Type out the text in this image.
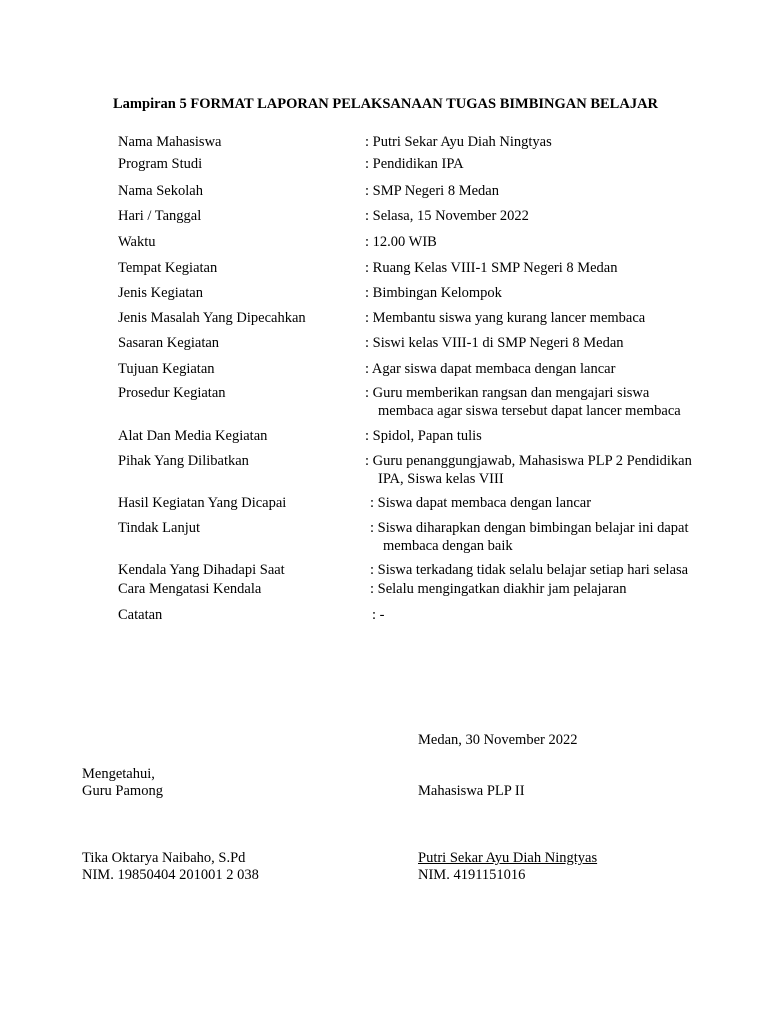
Lampiran 5 FORMAT LAPORAN PELAKSANAAN TUGAS BIMBINGAN BELAJAR
Nama Mahasiswa	: Putri Sekar Ayu Diah Ningtyas
Program Studi	: Pendidikan IPA
Nama Sekolah	: SMP Negeri 8 Medan
Hari / Tanggal	: Selasa, 15 November 2022
Waktu	: 12.00 WIB
Tempat Kegiatan	: Ruang Kelas VIII-1 SMP Negeri 8 Medan
Jenis Kegiatan	: Bimbingan Kelompok
Jenis Masalah Yang Dipecahkan	: Membantu siswa yang kurang lancer membaca
Sasaran Kegiatan	: Siswi kelas VIII-1 di SMP Negeri 8 Medan
Tujuan Kegiatan	: Agar siswa dapat membaca dengan lancar
Prosedur Kegiatan	: Guru memberikan rangsan dan mengajari siswa
membaca agar siswa tersebut dapat lancer membaca
Alat Dan Media Kegiatan	: Spidol, Papan tulis
Pihak Yang Dilibatkan	: Guru penanggungjawab, Mahasiswa PLP 2 Pendidikan
IPA, Siswa kelas VIII
Hasil Kegiatan Yang Dicapai	: Siswa dapat membaca dengan lancar
Tindak Lanjut	: Siswa diharapkan dengan bimbingan belajar ini dapat
membaca dengan baik
Kendala Yang Dihadapi Saat	: Siswa terkadang tidak selalu belajar setiap hari selasa
Cara Mengatasi Kendala	: Selalu mengingatkan diakhir jam pelajaran
Catatan	: -
Medan, 30 November 2022
Mengetahui,
Guru Pamong	Mahasiswa PLP II
Tika Oktarya Naibaho, S.Pd
NIM. 19850404 201001 2 038
Putri Sekar Ayu Diah Ningtyas
NIM. 4191151016
